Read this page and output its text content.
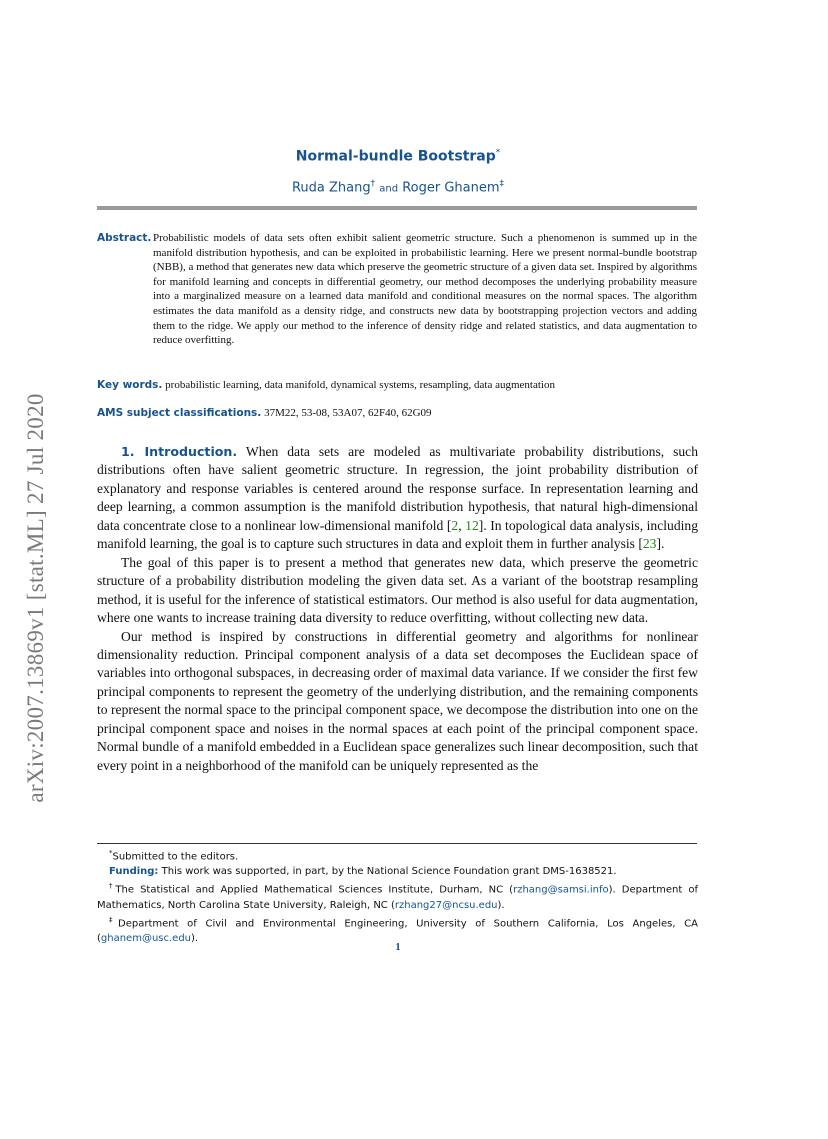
arXiv:2007.13869v1 [stat.ML] 27 Jul 2020
Normal-bundle Bootstrap*
Ruda Zhang† and Roger Ghanem‡
Abstract. Probabilistic models of data sets often exhibit salient geometric structure. Such a phenomenon is summed up in the manifold distribution hypothesis, and can be exploited in probabilistic learning. Here we present normal-bundle bootstrap (NBB), a method that generates new data which preserve the geometric structure of a given data set. Inspired by algorithms for manifold learning and concepts in differential geometry, our method decomposes the underlying probability measure into a marginalized measure on a learned data manifold and conditional measures on the normal spaces. The algorithm estimates the data manifold as a density ridge, and constructs new data by bootstrapping projection vectors and adding them to the ridge. We apply our method to the inference of density ridge and related statistics, and data augmentation to reduce overfitting.
Key words. probabilistic learning, data manifold, dynamical systems, resampling, data augmentation
AMS subject classifications. 37M22, 53-08, 53A07, 62F40, 62G09

1. Introduction. When data sets are modeled as multivariate probability distributions, such distributions often have salient geometric structure. In regression, the joint probability distribution of explanatory and response variables is centered around the response surface. In representation learning and deep learning, a common assumption is the manifold distribution hypothesis, that natural high-dimensional data concentrate close to a nonlinear low-dimensional manifold [2, 12]. In topological data analysis, including manifold learning, the goal is to capture such structures in data and exploit them in further analysis [23].

The goal of this paper is to present a method that generates new data, which preserve the geometric structure of a probability distribution modeling the given data set. As a variant of the bootstrap resampling method, it is useful for the inference of statistical estimators. Our method is also useful for data augmentation, where one wants to increase training data diversity to reduce overfitting, without collecting new data.

Our method is inspired by constructions in differential geometry and algorithms for nonlinear dimensionality reduction. Principal component analysis of a data set decomposes the Euclidean space of variables into orthogonal subspaces, in decreasing order of maximal data variance. If we consider the first few principal components to represent the geometry of the underlying distribution, and the remaining components to represent the normal space to the principal component space, we decompose the distribution into one on the principal component space and noises in the normal spaces at each point of the principal component space. Normal bundle of a manifold embedded in a Euclidean space generalizes such linear decomposition, such that every point in a neighborhood of the manifold can be uniquely represented as the

*Submitted to the editors.

Funding: This work was supported, in part, by the National Science Foundation grant DMS-1638521.

†The Statistical and Applied Mathematical Sciences Institute, Durham, NC (rzhang@samsi.info). Department of Mathematics, North Carolina State University, Raleigh, NC (rzhang27@ncsu.edu).

‡Department of Civil and Environmental Engineering, University of Southern California, Los Angeles, CA (ghanem@usc.edu).

1
